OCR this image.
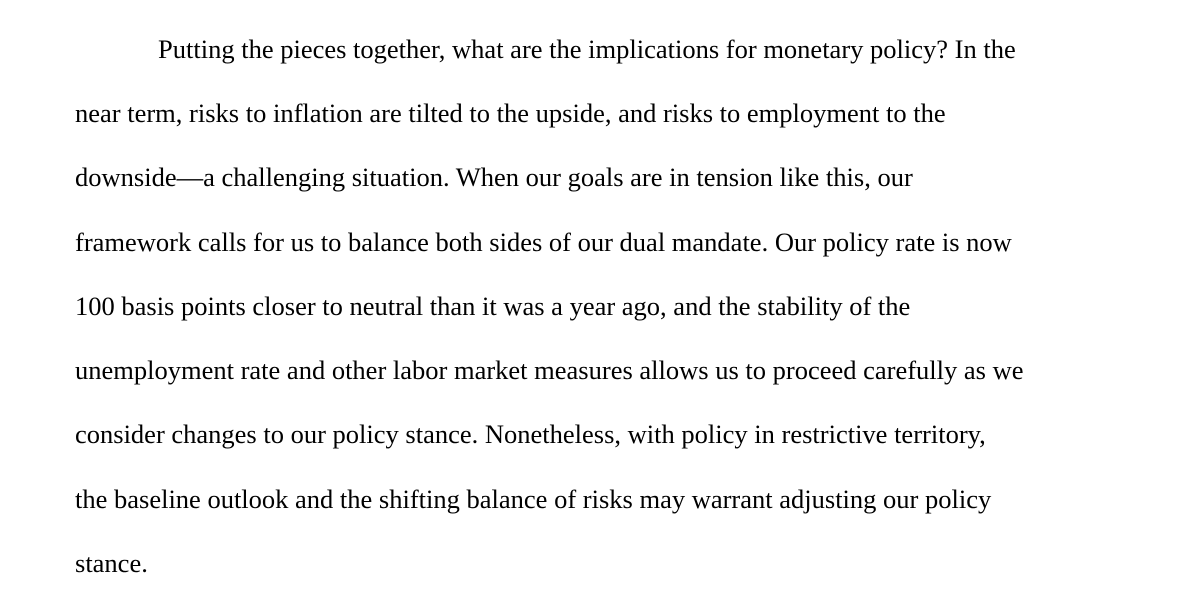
Putting the pieces together, what are the implications for monetary policy? In the

near term, risks to inflation are tilted to the upside, and risks to employment to the

downside—a challenging situation. When our goals are in tension like this, our

framework calls for us to balance both sides of our dual mandate. Our policy rate is now

100 basis points closer to neutral than it was a year ago, and the stability of the

unemployment rate and other labor market measures allows us to proceed carefully as we

consider changes to our policy stance. Nonetheless, with policy in restrictive territory,

the baseline outlook and the shifting balance of risks may warrant adjusting our policy

stance.
